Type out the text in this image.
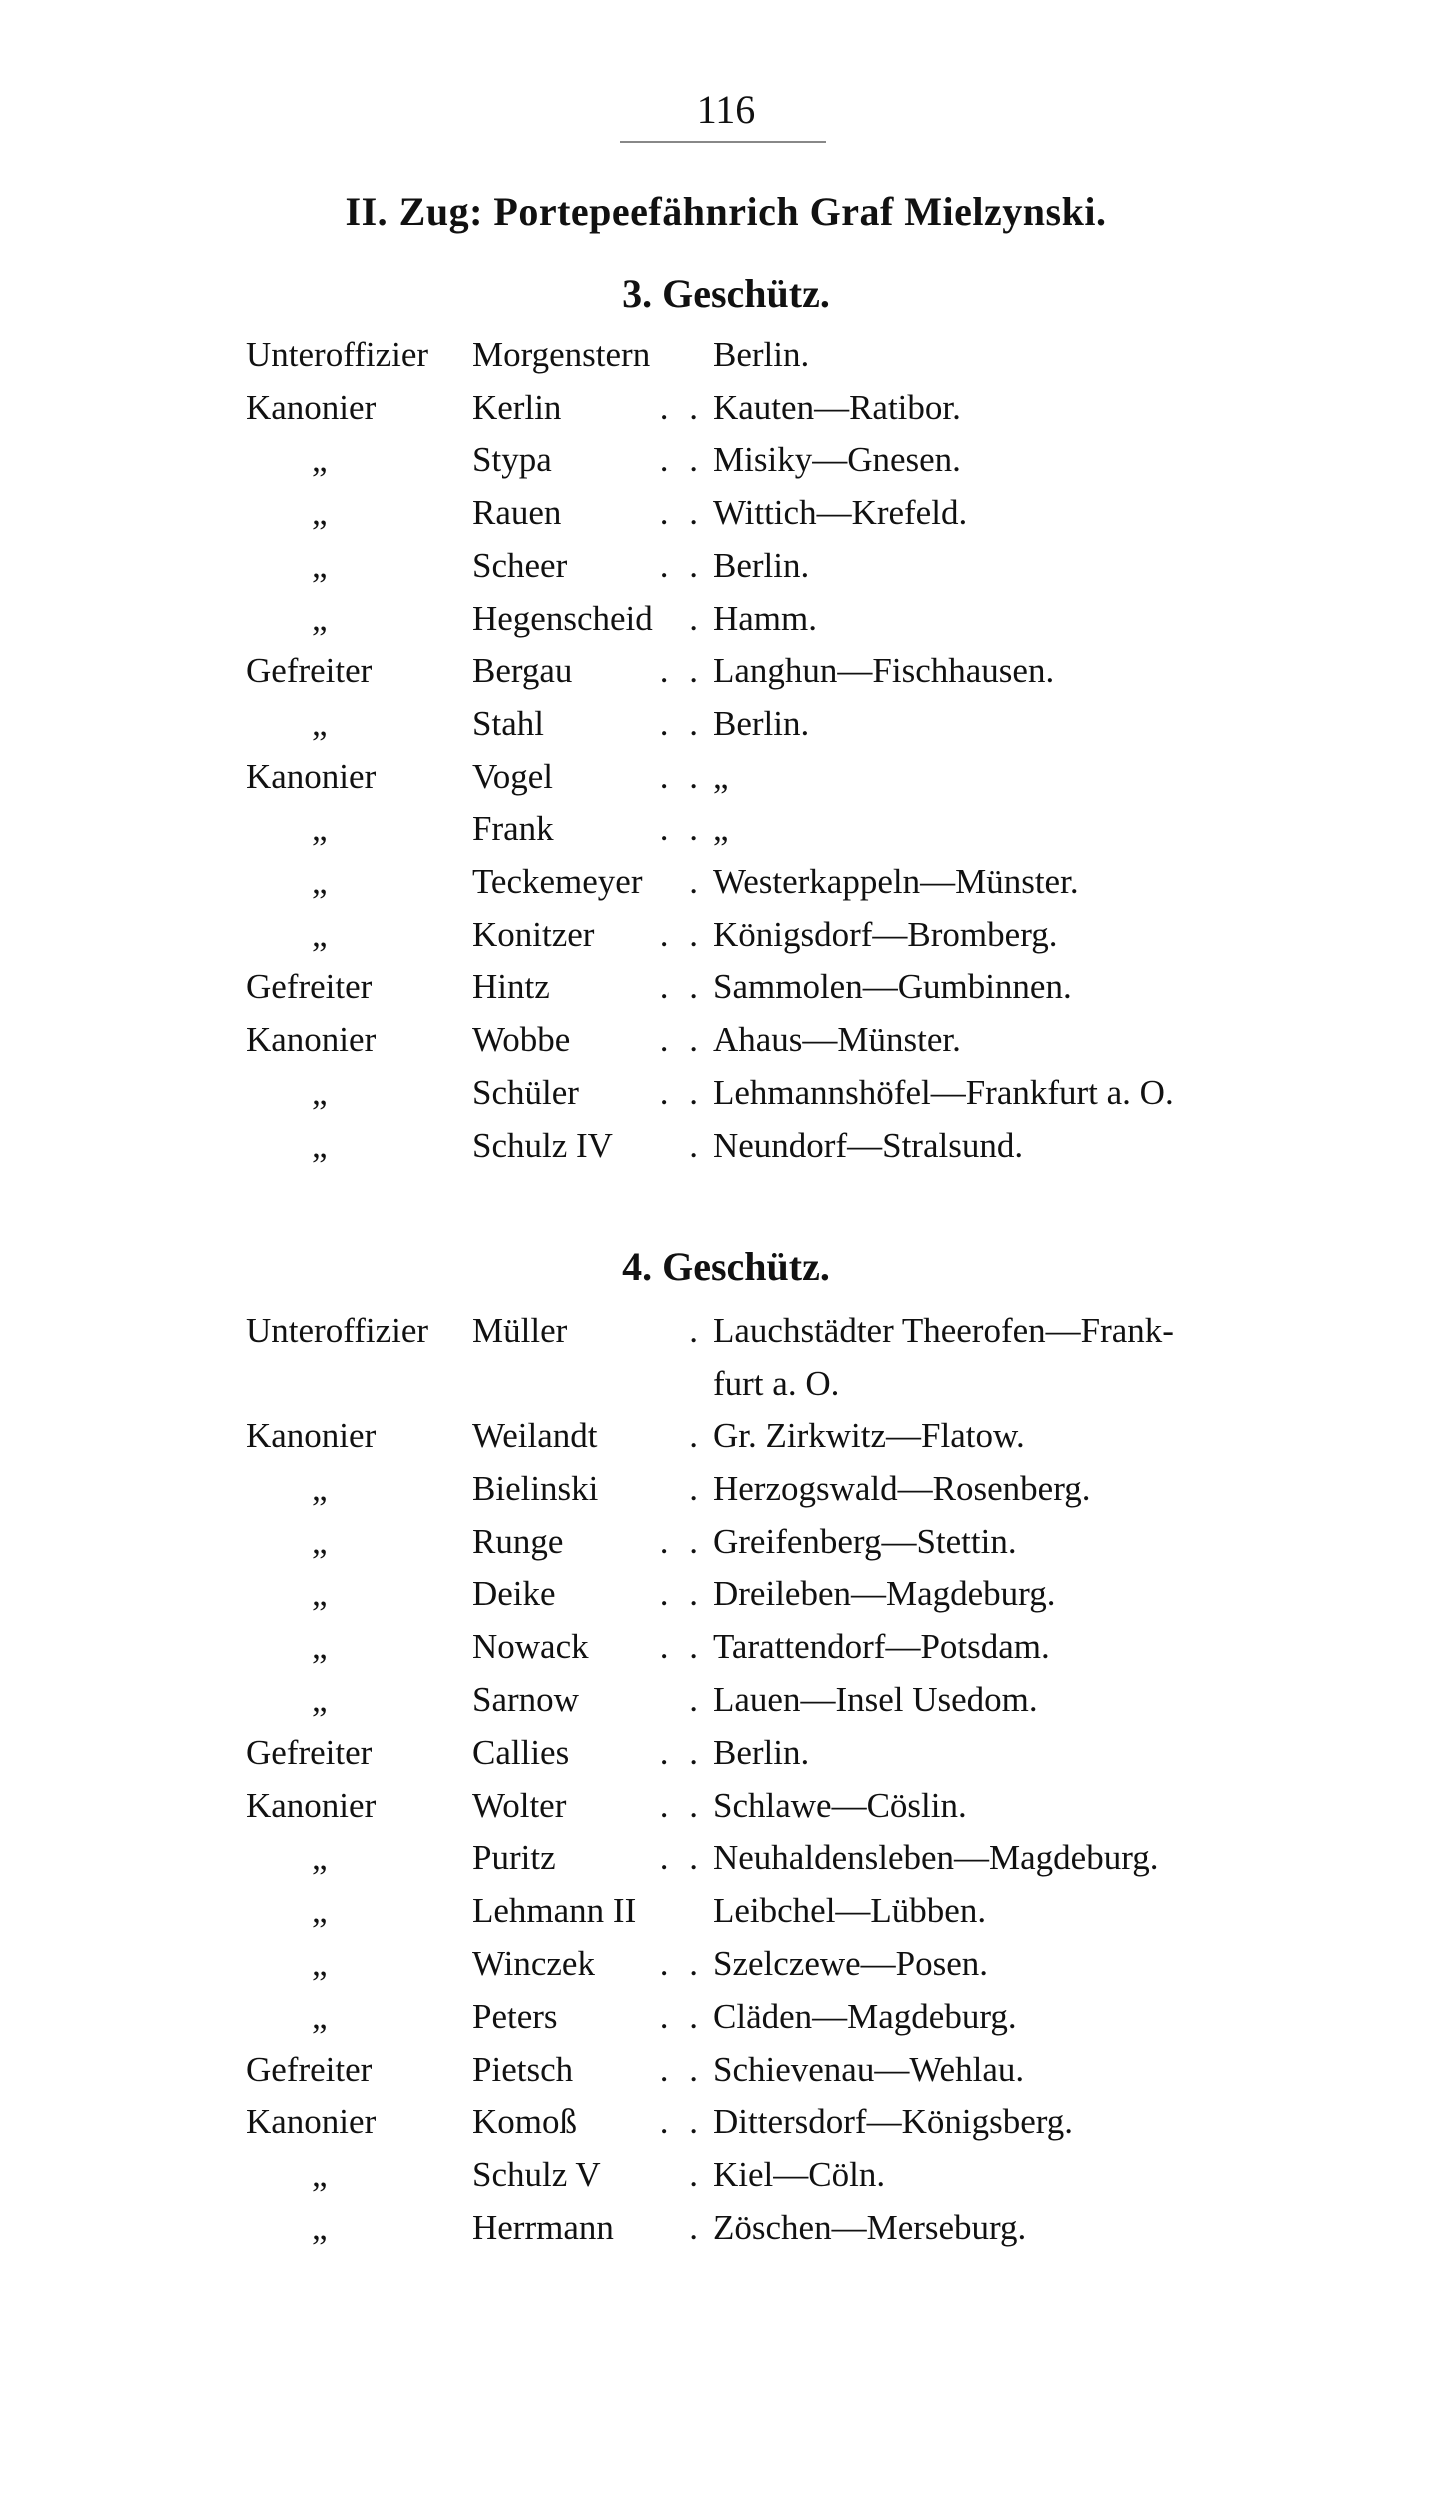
116
II. Zug: Portepeefähnrich Graf Mielzynski.
3. Geschütz.
4. Geschütz.
Unteroffizier Morgenstern Berlin.
Kanonier	Kerlin	. . Kauten—Ratibor.
„	Stypa	. . Misiky—Gnesen.
„	Rauen	. . Wittich—Krefeld.
„	Scheer	. . Berlin.
„	Hegenscheid . Hamm.
Gefreiter	Bergau . . Langhun—Fischhausen.
„	Stahl	. . Berlin.
Kanonier	Vogel	. . „
„	Frank	. . „
„	Teckemeyer . Westerkappeln—Münster.
„	Konitzer . . Königsdorf—Bromberg.
Gefreiter	Hintz	. . Sammolen—Gumbinnen.
Kanonier	Wobbe	. . Ahaus—Münster.
„	Schüler . . Lehmannshöfel—Frankfurt a. O.
„	Schulz IV . Neundorf—Stralsund.
Unteroffizier Müller	. Lauchstädter Theerofen—Frank-
furt a. O.
Kanonier	Weilandt	. Gr. Zirkwitz—Flatow.
„	Bielinski	. Herzogswald—Rosenberg.
„	Runge	. . Greifenberg—Stettin.
„	Deike	. . Dreileben—Magdeburg.
„	Nowack . . Tarattendorf—Potsdam.
„	Sarnow	. Lauen—Insel Usedom.
Gefreiter	Callies	. . Berlin.
Kanonier	Wolter	. . Schlawe—Cöslin.
„	Puritz	. . Neuhaldensleben—Magdeburg.
„	Lehmann II Leibchel—Lübben.
„	Winczek . . Szelczewe—Posen.
„	Peters	. . Cläden—Magdeburg.
Gefreiter	Pietsch . . Schievenau—Wehlau.
Kanonier	Komoß . . Dittersdorf—Königsberg.
„	Schulz V	. Kiel—Cöln.
„	Herrmann . Zöschen—Merseburg.
